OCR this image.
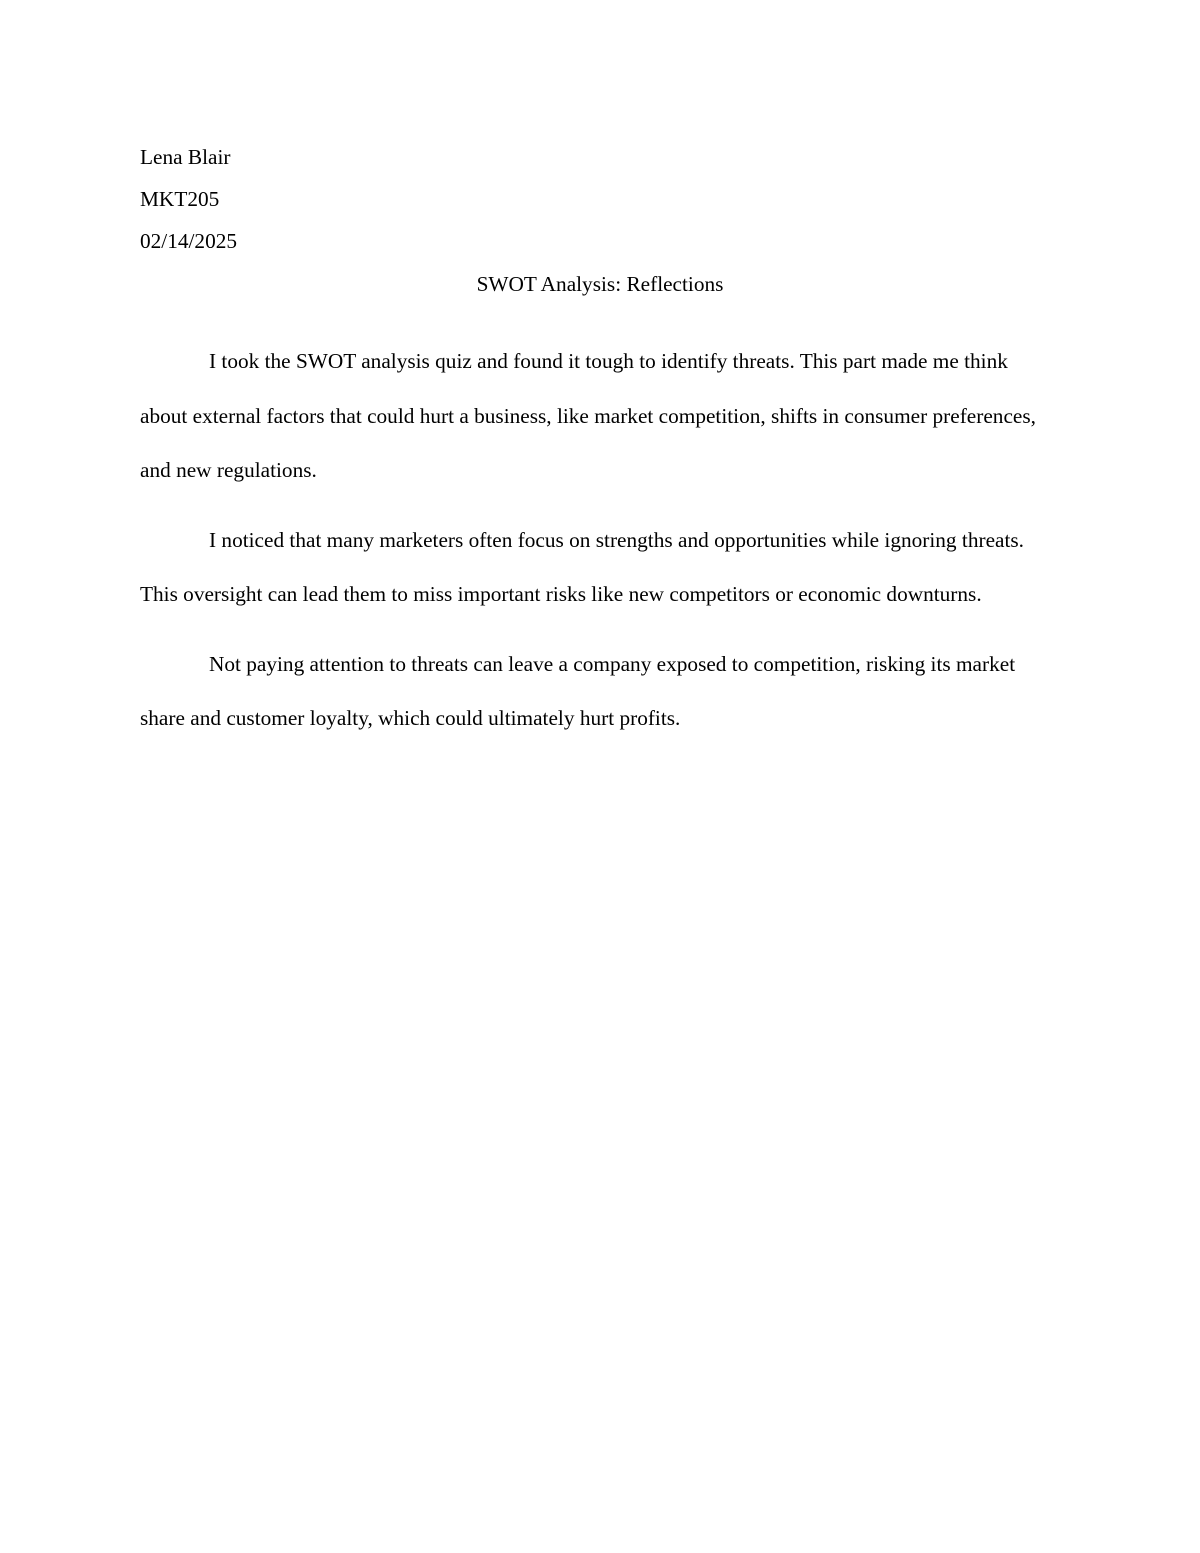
Lena Blair
MKT205
02/14/2025
SWOT Analysis: Reflections

I took the SWOT analysis quiz and found it tough to identify threats. This part made me think about external factors that could hurt a business, like market competition, shifts in consumer preferences, and new regulations.

I noticed that many marketers often focus on strengths and opportunities while ignoring threats. This oversight can lead them to miss important risks like new competitors or economic downturns.

Not paying attention to threats can leave a company exposed to competition, risking its market share and customer loyalty, which could ultimately hurt profits.
